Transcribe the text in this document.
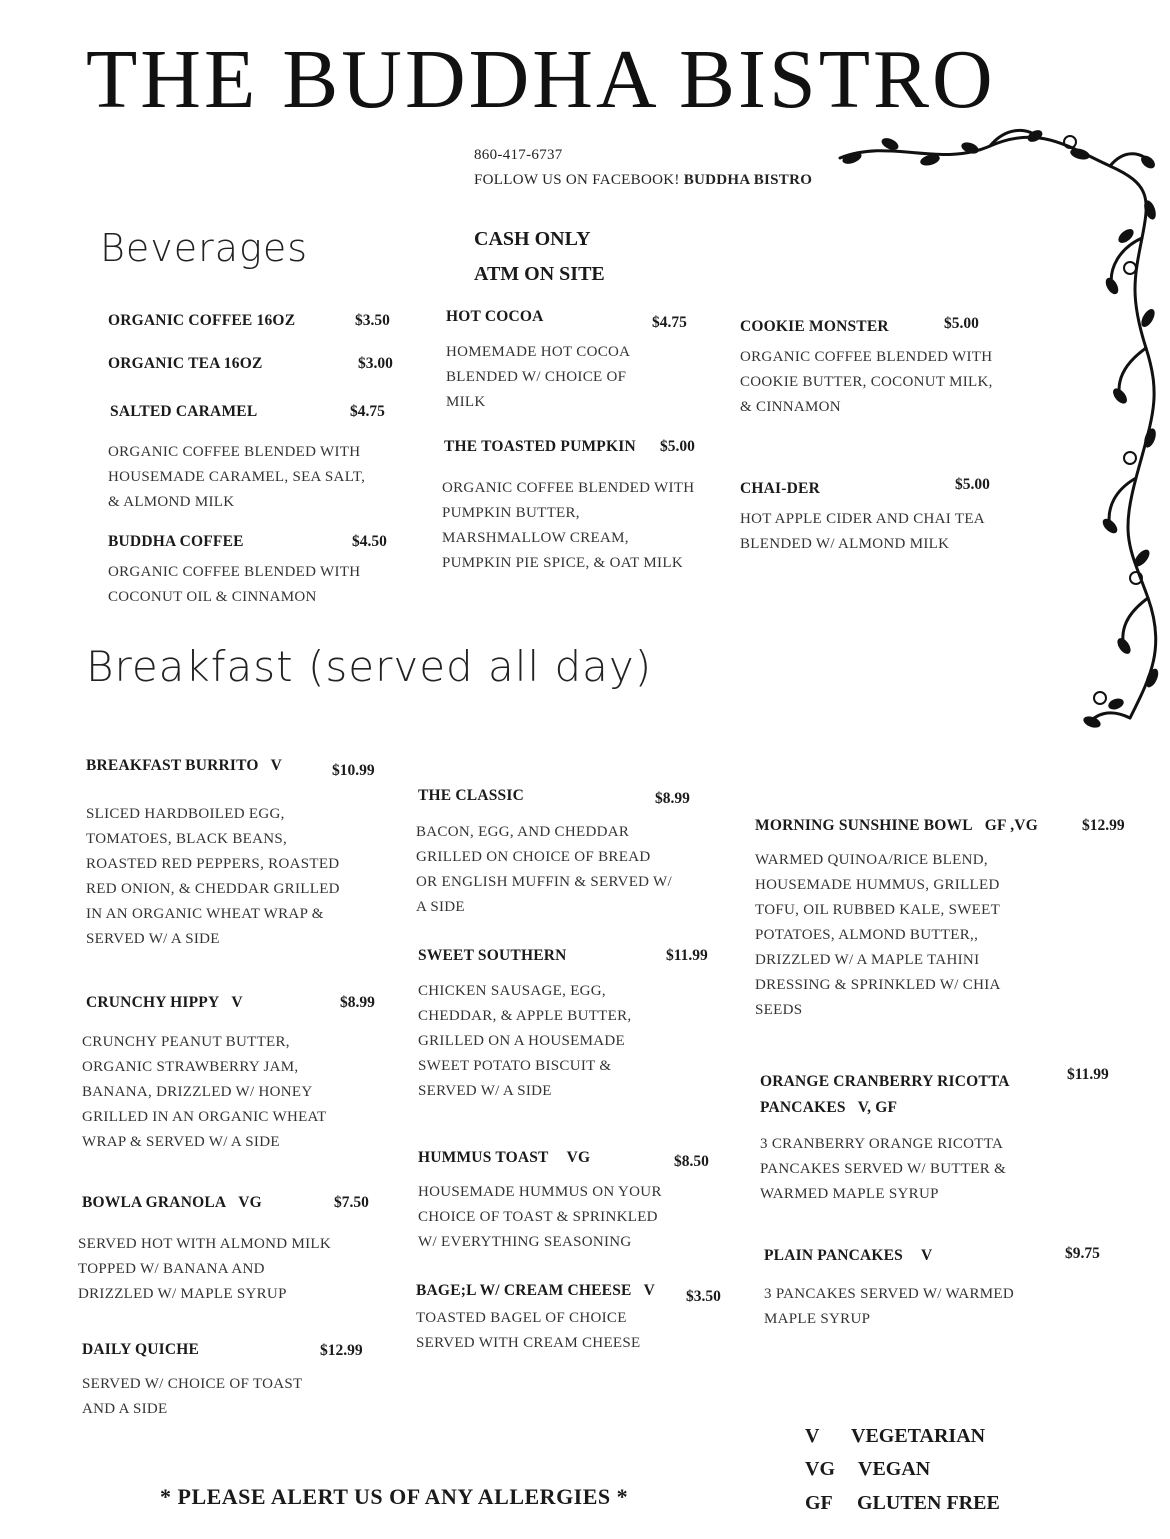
THE BUDDHA BISTRO
860-417-6737
FOLLOW US ON FACEBOOK! BUDDHA BISTRO
CASH ONLY
ATM ON SITE
Beverages
ORGANIC COFFEE 16OZ	$3.50
ORGANIC TEA 16OZ	$3.00
SALTED CARAMEL	$4.75
ORGANIC COFFEE BLENDED WITH
HOUSEMADE CARAMEL, SEA SALT,
& ALMOND MILK
BUDDHA COFFEE	$4.50
ORGANIC COFFEE BLENDED WITH
COCONUT OIL & CINNAMON
HOT COCOA	$4.75
HOMEMADE HOT COCOA
BLENDED W/ CHOICE OF
MILK
THE TOASTED PUMPKIN $5.00
ORGANIC COFFEE BLENDED WITH
PUMPKIN BUTTER,
MARSHMALLOW CREAM,
PUMPKIN PIE SPICE, & OAT MILK
COOKIE MONSTER	$5.00
ORGANIC COFFEE BLENDED WITH
COOKIE BUTTER, COCONUT MILK,
& CINNAMON
CHAI-DER	$5.00
HOT APPLE CIDER AND CHAI TEA
BLENDED W/ ALMOND MILK
Breakfast (served all day)
BREAKFAST BURRITO V	$10.99
SLICED HARDBOILED EGG,
TOMATOES, BLACK BEANS,
ROASTED RED PEPPERS, ROASTED
RED ONION, & CHEDDAR GRILLED
IN AN ORGANIC WHEAT WRAP &
SERVED W/ A SIDE
CRUNCHY HIPPY V	$8.99
CRUNCHY PEANUT BUTTER,
ORGANIC STRAWBERRY JAM,
BANANA, DRIZZLED W/ HONEY
GRILLED IN AN ORGANIC WHEAT
WRAP & SERVED W/ A SIDE
BOWLA GRANOLA VG	$7.50
SERVED HOT WITH ALMOND MILK
TOPPED W/ BANANA AND
DRIZZLED W/ MAPLE SYRUP
DAILY QUICHE	$12.99
SERVED W/ CHOICE OF TOAST
AND A SIDE
THE CLASSIC	$8.99
BACON, EGG, AND CHEDDAR
GRILLED ON CHOICE OF BREAD
OR ENGLISH MUFFIN & SERVED W/
A SIDE
SWEET SOUTHERN	$11.99
CHICKEN SAUSAGE, EGG,
CHEDDAR, & APPLE BUTTER,
GRILLED ON A HOUSEMADE
SWEET POTATO BISCUIT &
SERVED W/ A SIDE
HUMMUS TOAST VG	$8.50
HOUSEMADE HUMMUS ON YOUR
CHOICE OF TOAST & SPRINKLED
W/ EVERYTHING SEASONING
BAGE;L W/ CREAM CHEESE V $3.50
TOASTED BAGEL OF CHOICE
SERVED WITH CREAM CHEESE
MORNING SUNSHINE BOWL GF ,VG	$12.99
WARMED QUINOA/RICE BLEND,
HOUSEMADE HUMMUS, GRILLED
TOFU, OIL RUBBED KALE, SWEET
POTATOES, ALMOND BUTTER,,
DRIZZLED W/ A MAPLE TAHINI
DRESSING & SPRINKLED W/ CHIA
SEEDS
ORANGE CRANBERRY RICOTTA
PANCAKES V, GF
$11.99
3 CRANBERRY ORANGE RICOTTA
PANCAKES SERVED W/ BUTTER &
WARMED MAPLE SYRUP
PLAIN PANCAKES V	$9.75
3 PANCAKES SERVED W/ WARMED
MAPLE SYRUP
* PLEASE ALERT US OF ANY ALLERGIES *
V VEGETARIAN
VG VEGAN
GF GLUTEN FREE
